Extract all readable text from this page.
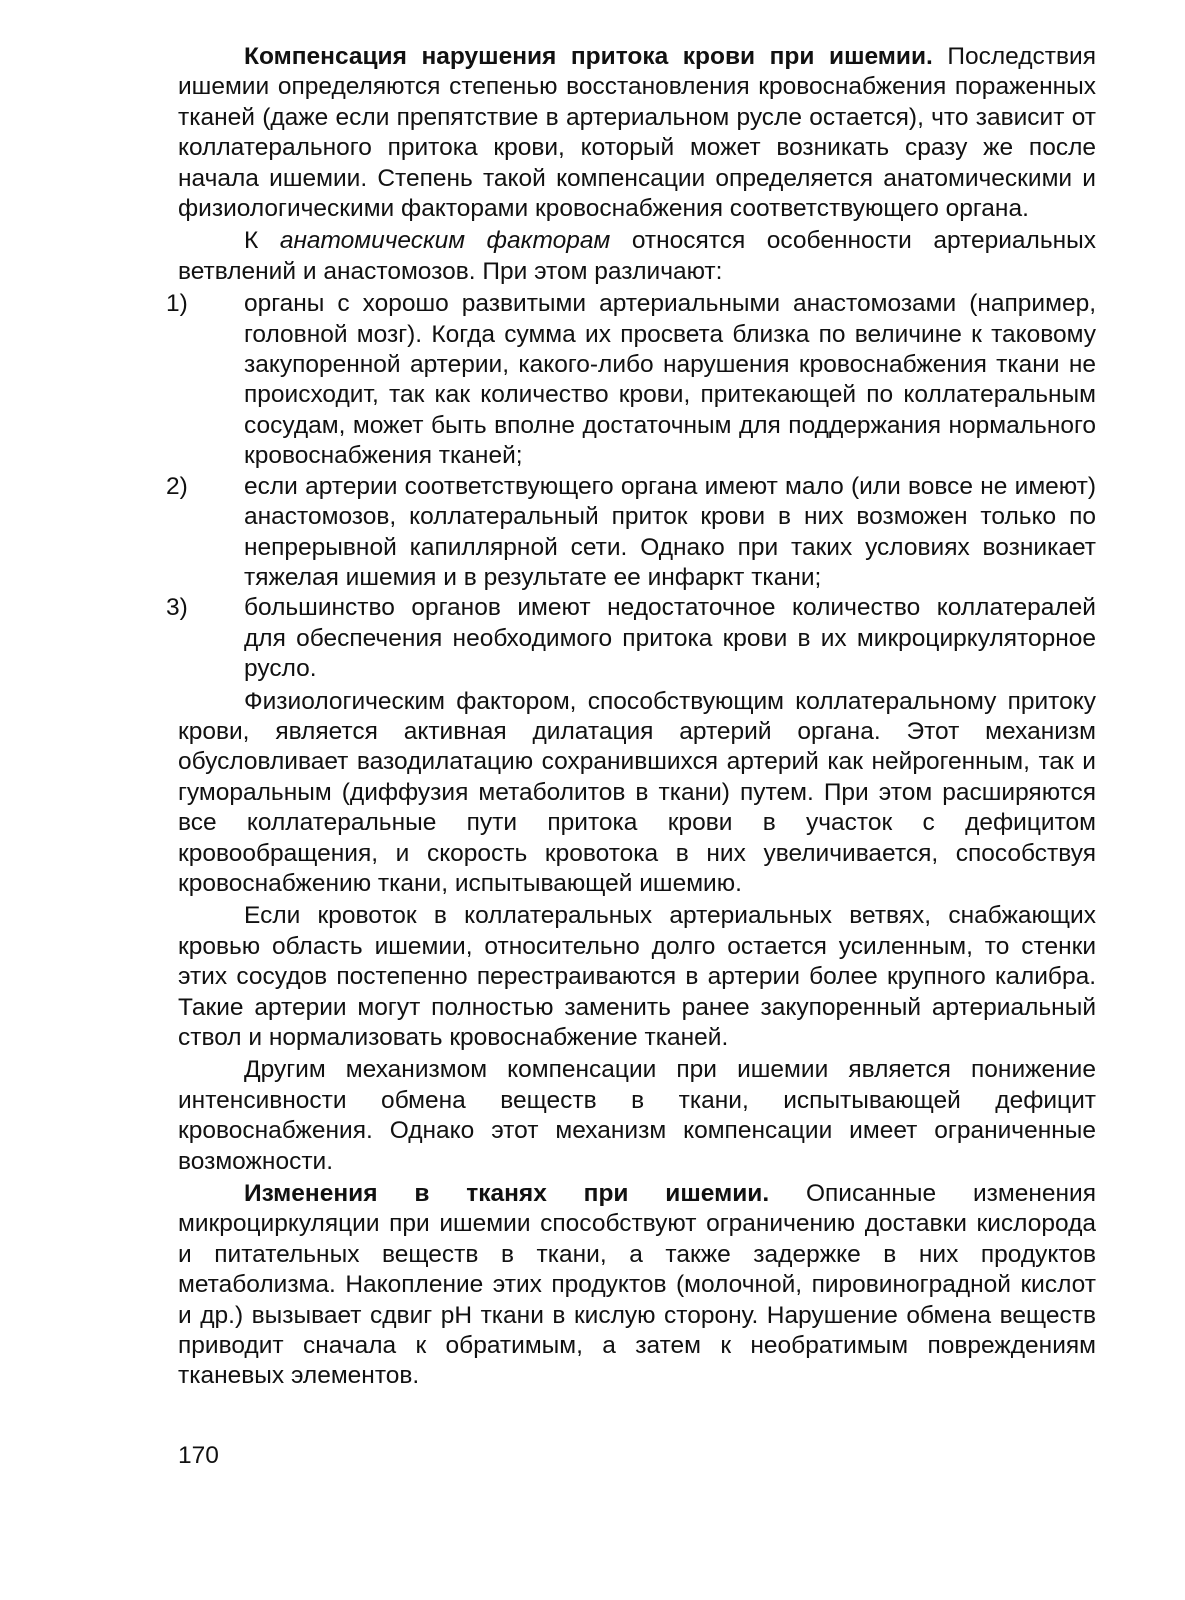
Компенсация нарушения притока крови при ишемии. Последствия ишемии определяются степенью восстановления кровоснабжения пораженных тканей (даже если препятствие в артериальном русле остается), что зависит от коллатерального притока крови, который может возникать сразу же после начала ишемии. Степень такой компенсации определяется анатомическими и физиологическими факторами кровоснабжения соответствующего органа.

К анатомическим факторам относятся особенности артериальных ветвлений и анастомозов. При этом различают:

1) органы с хорошо развитыми артериальными анастомозами (например, головной мозг). Когда сумма их просвета близка по величине к таковому закупоренной артерии, какого-либо нарушения кровоснабжения ткани не происходит, так как количество крови, притекающей по коллатеральным сосудам, может быть вполне достаточным для поддержания нормального кровоснабжения тканей;
2) если артерии соответствующего органа имеют мало (или вовсе не имеют) анастомозов, коллатеральный приток крови в них возможен только по непрерывной капиллярной сети. Однако при таких условиях возникает тяжелая ишемия и в результате ее инфаркт ткани;
3) большинство органов имеют недостаточное количество коллатералей для обеспечения необходимого притока крови в их микроциркуляторное русло.

Физиологическим фактором, способствующим коллатеральному притоку крови, является активная дилатация артерий органа. Этот механизм обусловливает вазодилатацию сохранившихся артерий как нейрогенным, так и гуморальным (диффузия метаболитов в ткани) путем. При этом расширяются все коллатеральные пути притока крови в участок с дефицитом кровообращения, и скорость кровотока в них увеличивается, способствуя кровоснабжению ткани, испытывающей ишемию.

Если кровоток в коллатеральных артериальных ветвях, снабжающих кровью область ишемии, относительно долго остается усиленным, то стенки этих сосудов постепенно перестраиваются в артерии более крупного калибра. Такие артерии могут полностью заменить ранее закупоренный артериальный ствол и нормализовать кровоснабжение тканей.

Другим механизмом компенсации при ишемии является понижение интенсивности обмена веществ в ткани, испытывающей дефицит кровоснабжения. Однако этот механизм компенсации имеет ограниченные возможности.

Изменения в тканях при ишемии. Описанные изменения микроциркуляции при ишемии способствуют ограничению доставки кислорода и питательных веществ в ткани, а также задержке в них продуктов метаболизма. Накопление этих продуктов (молочной, пировиноградной кислот и др.) вызывает сдвиг pH ткани в кислую сторону. Нарушение обмена веществ приводит сначала к обратимым, а затем к необратимым повреждениям тканевых элементов.

170
